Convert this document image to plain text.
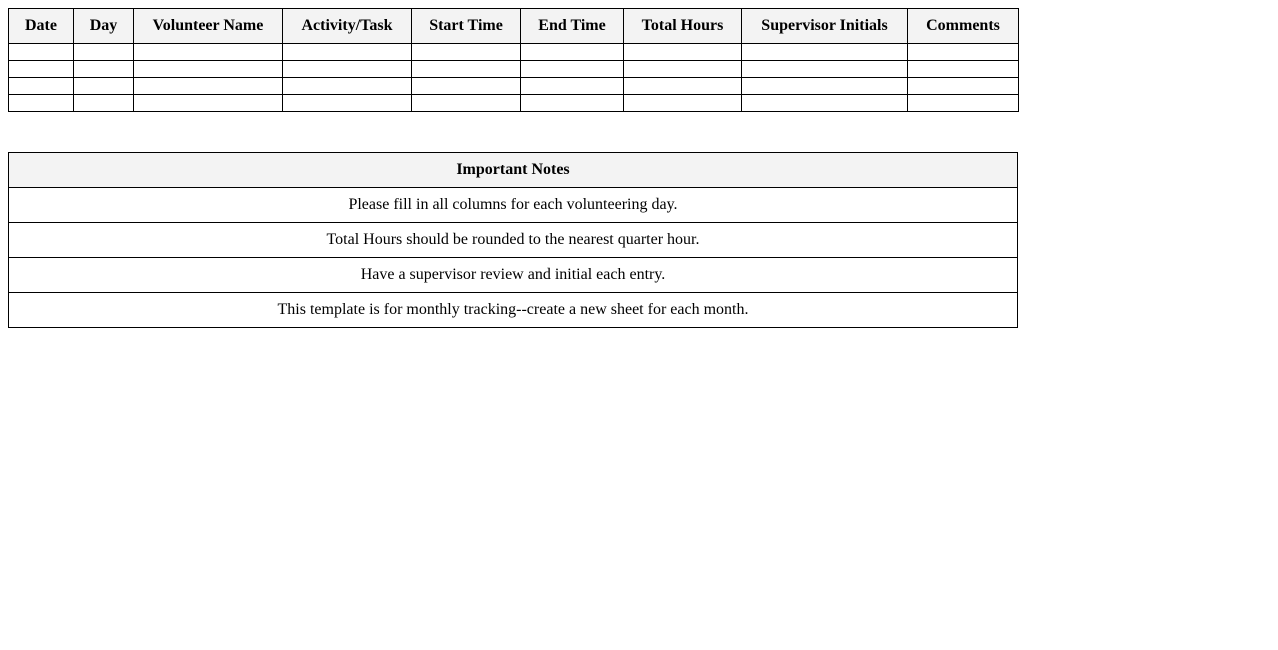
Date	Day	Volunteer Name	Activity/Task	Start Time	End Time	Total Hours	Supervisor Initials	Comments

Important Notes
Please fill in all columns for each volunteering day.
Total Hours should be rounded to the nearest quarter hour.
Have a supervisor review and initial each entry.
This template is for monthly tracking--create a new sheet for each month.
